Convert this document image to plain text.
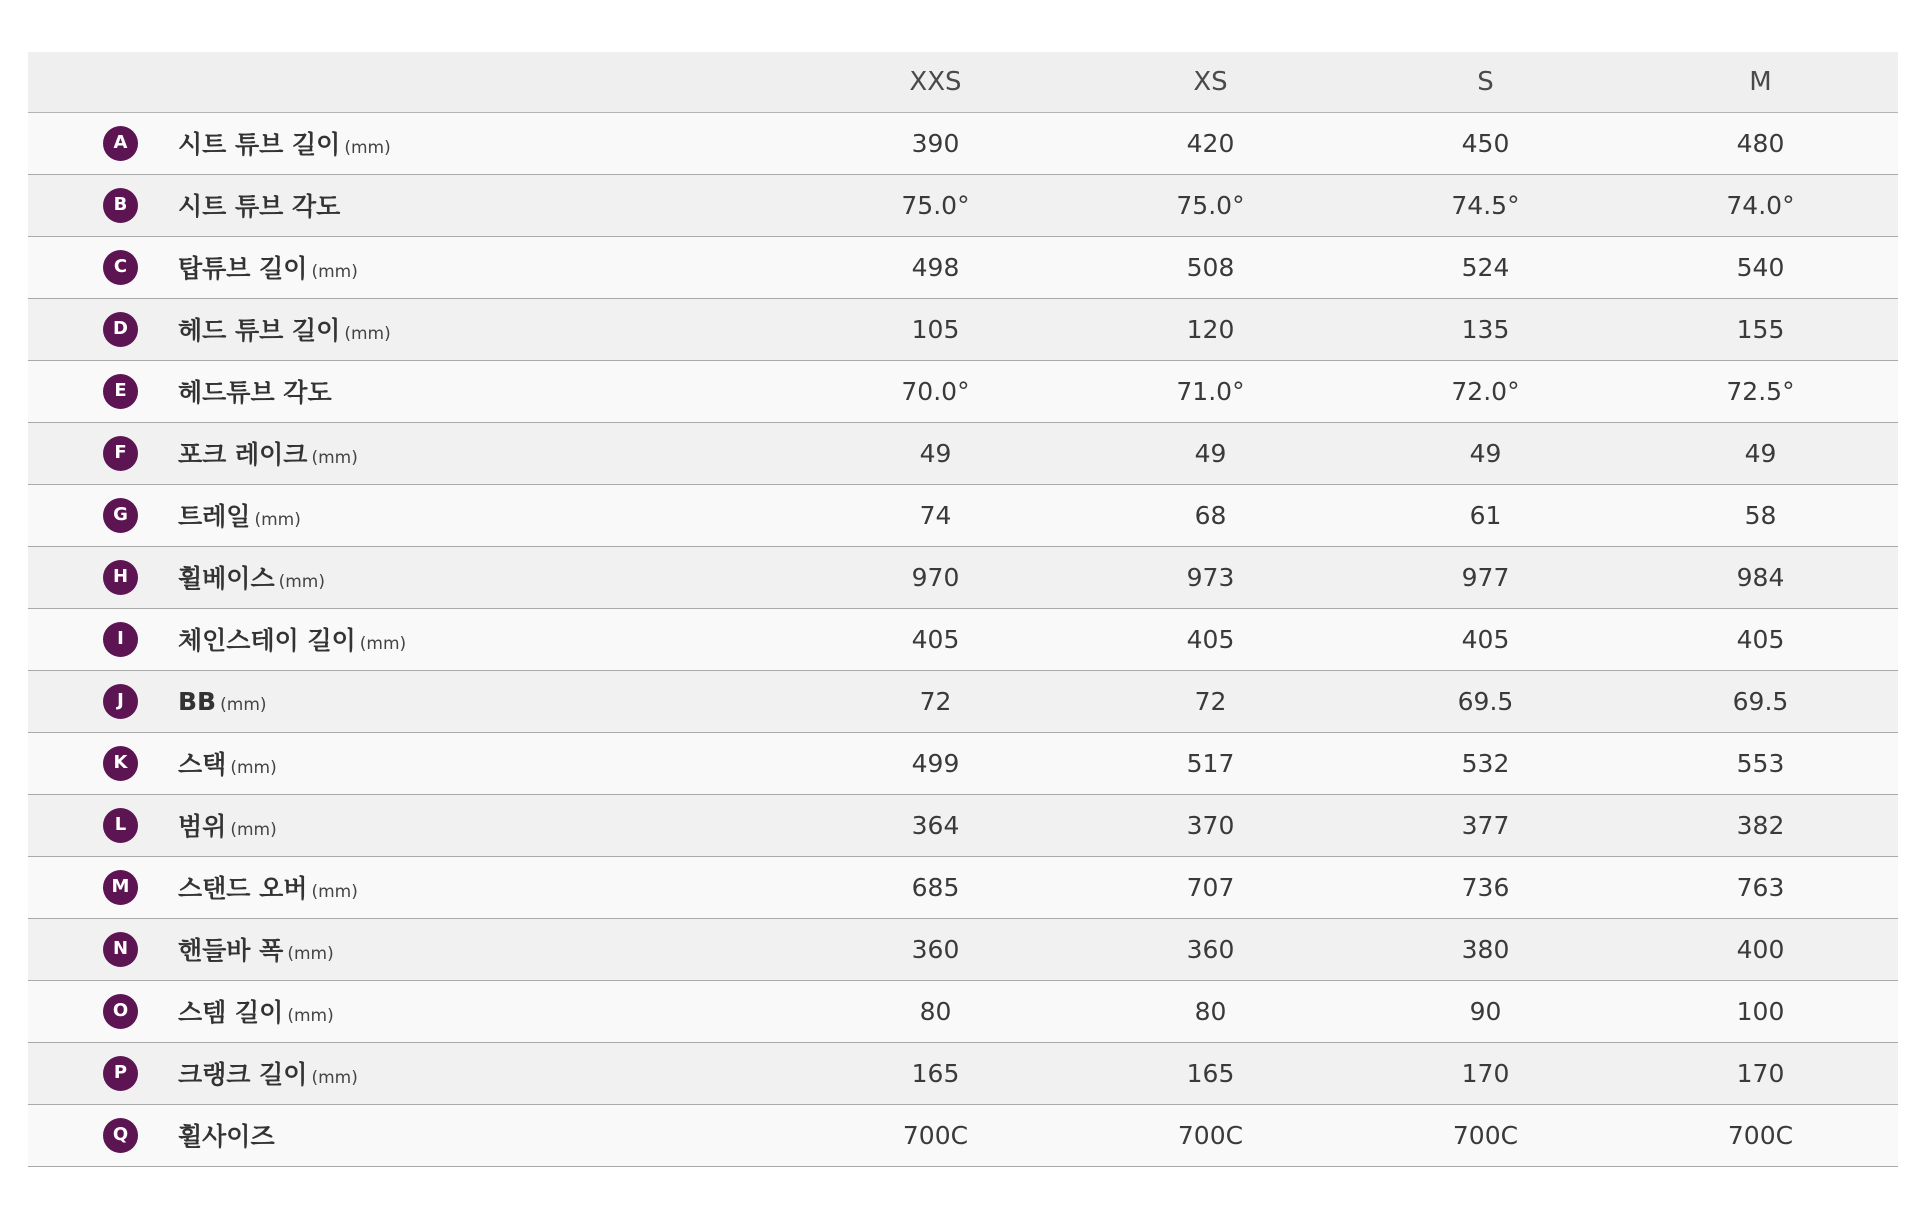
		XXS	XS	S	M
A	시트 튜브 길이 (mm)	390	420	450	480
B	시트 튜브 각도	75.0°	75.0°	74.5°	74.0°
C	탑튜브 길이 (mm)	498	508	524	540
D	헤드 튜브 길이 (mm)	105	120	135	155
E	헤드튜브 각도	70.0°	71.0°	72.0°	72.5°
F	포크 레이크 (mm)	49	49	49	49
G	트레일 (mm)	74	68	61	58
H	휠베이스 (mm)	970	973	977	984
I	체인스테이 길이 (mm)	405	405	405	405
J	BB (mm)	72	72	69.5	69.5
K	스택 (mm)	499	517	532	553
L	범위 (mm)	364	370	377	382
M	스탠드 오버 (mm)	685	707	736	763
N	핸들바 폭 (mm)	360	360	380	400
O	스템 길이 (mm)	80	80	90	100
P	크랭크 길이 (mm)	165	165	170	170
Q	휠사이즈	700C	700C	700C	700C
